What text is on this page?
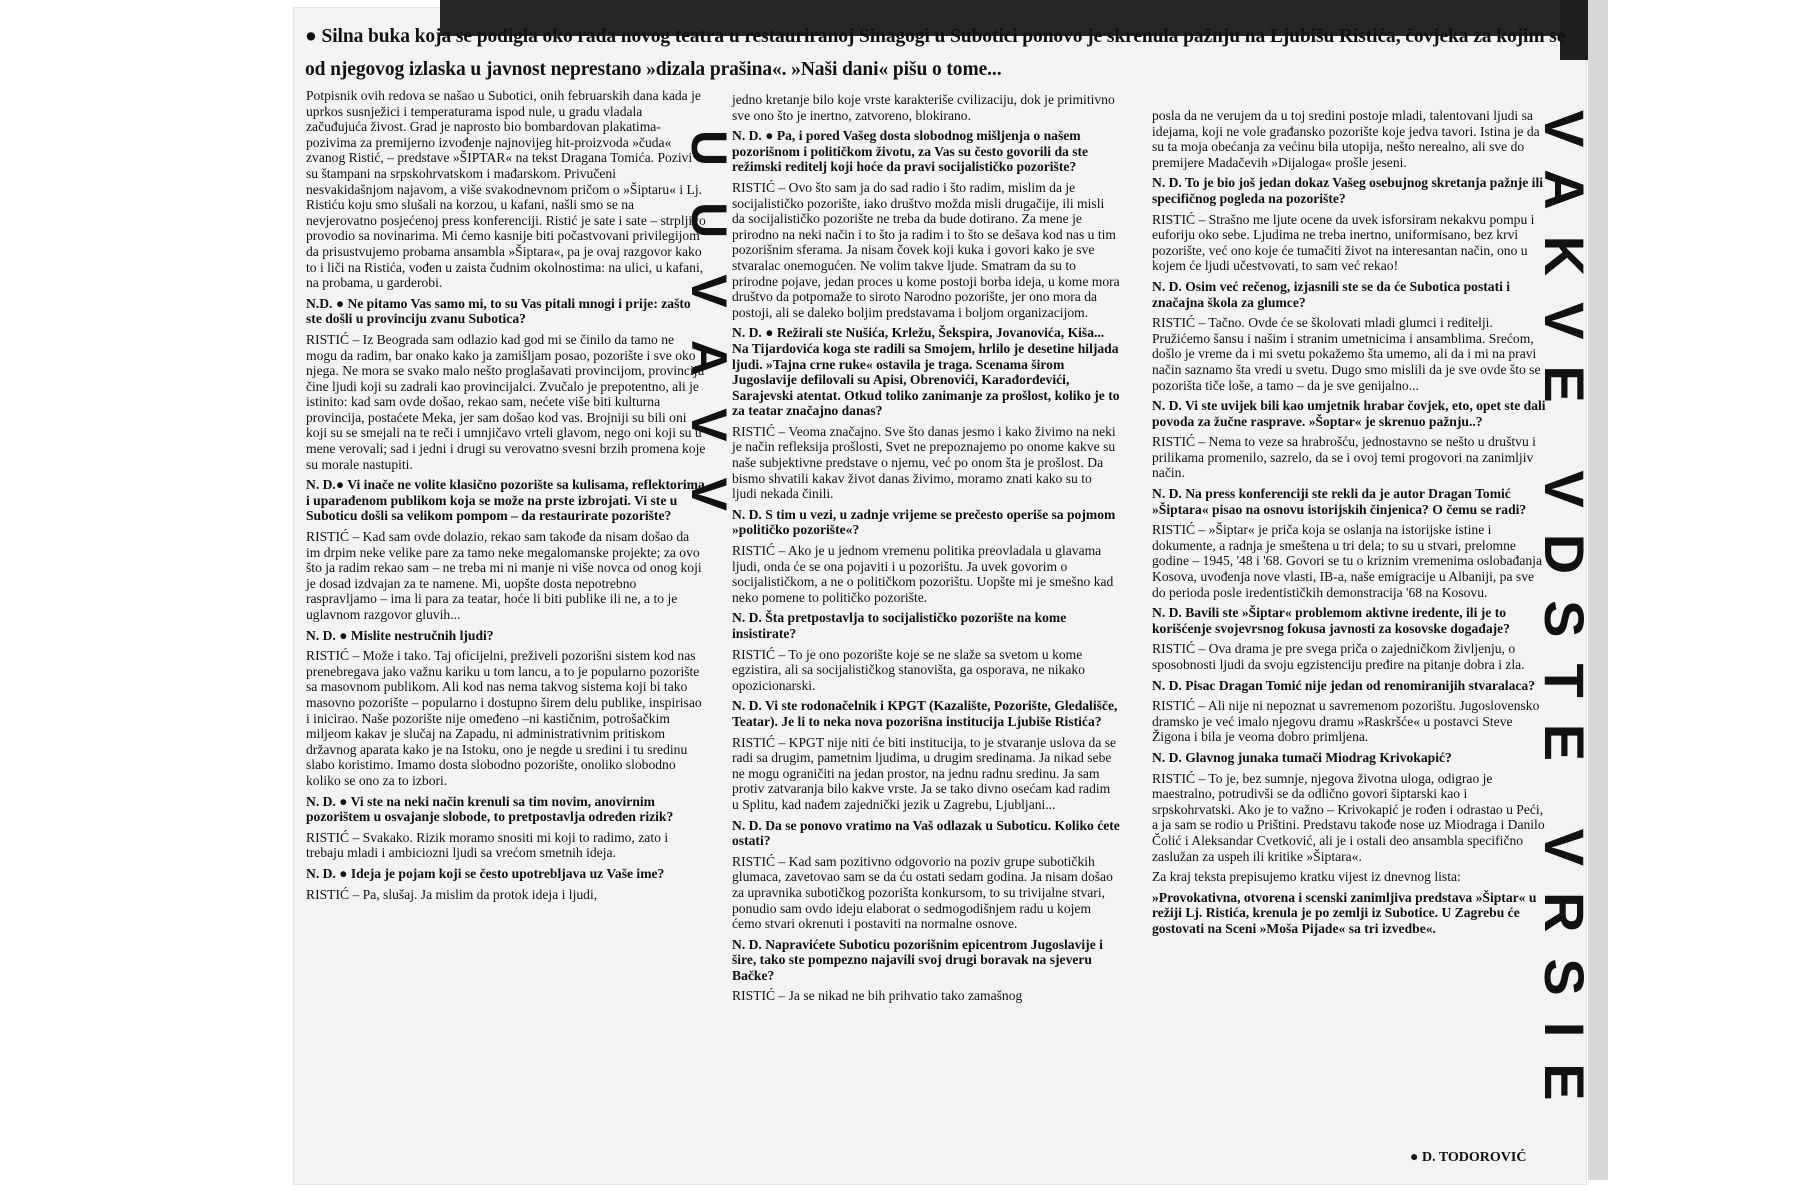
● Silna buka koja se podigla oko rada novog teatra u restauriranoj Sinagogi u Subotici ponovo je skrenula pažnju na Ljubišu Ristića, čovjeka za kojim se
od njegovog izlaska u javnost neprestano »dizala prašina«. »Naši dani« pišu o tome...

Potpisnik ovih redova se našao u Subotici, onih februarskih dana kada je uprkos susnježici i temperaturama ispod nule, u gradu vladala začuđujuća živost. Grad je naprosto bio bombardovan plakatima-pozivima za premijerno izvođenje najnovijeg hit-proizvoda »čuda« zvanog Ristić, – predstave »ŠIPTAR« na tekst Dragana Tomića. Pozivi su štampani na srpskohrvatskom i mađarskom. Privučeni nesvakidašnjom najavom, a više svakodnevnom pričom o »Šiptaru« i Lj. Ristiću koju smo slušali na korzou, u kafani, našli smo se na nevjerovatno posjećenoj press konferenciji. Ristić je sate i sate – strpljivo provodio sa novinarima. Mi ćemo kasnije biti počastvovani privilegijom da prisustvujemo probama ansambla »Šiptara«, pa je ovaj razgovor kako to i liči na Ristića, vođen u zaista čudnim okolnostima: na ulici, u kafani, na probama, u garderobi.

N.D. ● Ne pitamo Vas samo mi, to su Vas pitali mnogi i prije: zašto ste došli u provinciju zvanu Subotica?

RISTIĆ – Iz Beograda sam odlazio kad god mi se činilo da tamo ne mogu da radim, bar onako kako ja zamišljam posao, pozorište i sve oko njega. Ne mora se svako malo nešto proglašavati provincijom, provinciju čine ljudi koji su zadrali kao provincijalci. Zvučalo je prepotentno, ali je istinito: kad sam ovde došao, rekao sam, nećete više biti kulturna provincija, postaćete Meka, jer sam došao kod vas. Brojniji su bili oni koji su se smejali na te reči i umnjičavo vrteli glavom, nego oni koji su u mene verovali; sad i jedni i drugi su verovatno svesni brzih promena koje su morale nastupiti.

N. D.● Vi inače ne volite klasično pozorište sa kulisama, reflektorima i uparađenom publikom koja se može na prste izbrojati. Vi ste u Suboticu došli sa velikom pompom – da restaurirate pozorište?

RISTIĆ – Kad sam ovde dolazio, rekao sam takođe da nisam došao da im drpim neke velike pare za tamo neke megalomanske projekte; za ovo što ja radim rekao sam – ne treba mi ni manje ni više novca od onog koji je dosad izdvajan za te namene. Mi, uopšte dosta nepotrebno raspravljamo – ima li para za teatar, hoće li biti publike ili ne, a to je uglavnom razgovor gluvih...

N. D. ● Mislite nestručnih ljudi?

RISTIĆ – Može i tako. Taj oficijelni, preživeli pozorišni sistem kod nas prenebregava jako važnu kariku u tom lancu, a to je popularno pozorište sa masovnom publikom. Ali kod nas nema takvog sistema koji bi tako masovno pozorište – popularno i dostupno širem delu publike, inspirisao i inicirao. Naše pozorište nije omeđeno –ni kastičnim, potrošačkim miljeom kakav je slučaj na Zapadu, ni administrativnim pritiskom državnog aparata kako je na Istoku, ono je negde u sredini i tu sredinu slabo koristimo. Imamo dosta slobodno pozorište, onoliko slobodno koliko se ono za to izbori.

N. D. ● Vi ste na neki način krenuli sa tim novim, anovirnim pozorištem u osvajanje slobode, to pretpostavlja određen rizik?

RISTIĆ – Svakako. Rizik moramo snositi mi koji to radimo, zato i trebaju mladi i ambiciozni ljudi sa vrećom smetnih ideja.

N. D. ● Ideja je pojam koji se često upotrebljava uz Vaše ime?

RISTIĆ – Pa, slušaj. Ja mislim da protok ideja i ljudi,

jedno kretanje bilo koje vrste karakteriše cvilizaciju, dok je primitivno sve ono što je inertno, zatvoreno, blokirano.

N. D. ● Pa, i pored Vašeg dosta slobodnog mišljenja o našem pozorišnom i političkom životu, za Vas su često govorili da ste režimski reditelj koji hoće da pravi socijalističko pozorište?

RISTIĆ – Ovo što sam ja do sad radio i što radim, mislim da je socijalističko pozorište, iako društvo možda misli drugačije, ili misli da socijalističko pozorište ne treba da bude dotirano. Za mene je prirodno na neki način i to što ja radim i to što se dešava kod nas u tim pozorišnim sferama. Ja nisam čovek koji kuka i govori kako je sve stvaralac onemogućen. Ne volim takve ljude. Smatram da su to prirodne pojave, jedan proces u kome postoji borba ideja, u kome mora društvo da potpomaže to siroto Narodno pozorište, jer ono mora da postoji, ali se daleko boljim predstavama i boljom organizacijom.

N. D. ● Režirali ste Nušića, Krležu, Šekspira, Jovanovića, Kiša... Na Tijardovića koga ste radili sa Smojem, hrlilo je desetine hiljada ljudi. »Tajna crne ruke« ostavila je traga. Scenama širom Jugoslavije defilovali su Apisi, Obrenovići, Karađorđevići, Sarajevski atentat. Otkud toliko zanimanje za prošlost, koliko je to za teatar značajno danas?

RISTIĆ – Veoma značajno. Sve što danas jesmo i kako živimo na neki je način refleksija prošlosti, Svet ne prepoznajemo po onome kakve su naše subjektivne predstave o njemu, već po onom šta je prošlost. Da bismo shvatili kakav život danas živimo, moramo znati kako su to ljudi nekada činili.

N. D. S tim u vezi, u zadnje vrijeme se prečesto operiše sa pojmom »političko pozorište«?

RISTIĆ – Ako je u jednom vremenu politika preovladala u glavama ljudi, onda će se ona pojaviti i u pozorištu. Ja uvek govorim o socijalističkom, a ne o političkom pozorištu. Uopšte mi je smešno kad neko pomene to političko pozorište.

N. D. Šta pretpostavlja to socijalističko pozorište na kome insistirate?

RISTIĆ – To je ono pozorište koje se ne slaže sa svetom u kome egzistira, ali sa socijalističkog stanovišta, ga osporava, ne nikako opozicionarski.

N. D. Vi ste rodonačelnik i KPGT (Kazalište, Pozorište, Gledališče, Teatar). Je li to neka nova pozorišna institucija Ljubiše Ristića?

RISTIĆ – KPGT nije niti će biti institucija, to je stvaranje uslova da se radi sa drugim, pametnim ljudima, u drugim sredinama. Ja nikad sebe ne mogu ograničiti na jedan prostor, na jednu radnu sredinu. Ja sam protiv zatvaranja bilo kakve vrste. Ja se tako divno osećam kad radim u Splitu, kad nađem zajednički jezik u Zagrebu, Ljubljani...

N. D. Da se ponovo vratimo na Vaš odlazak u Suboticu. Koliko ćete ostati?

RISTIĆ – Kad sam pozitivno odgovorio na poziv grupe subotičkih glumaca, zavetovao sam se da ću ostati sedam godina. Ja nisam došao za upravnika subotičkog pozorišta konkursom, to su trivijalne stvari, ponudio sam ovdo ideju elaborat o sedmogodišnjem radu u kojem ćemo stvari okrenuti i postaviti na normalne osnove.

N. D. Napravićete Suboticu pozorišnim epicentrom Jugoslavije i šire, tako ste pompezno najavili svoj drugi boravak na sjeveru Bačke?

RISTIĆ – Ja se nikad ne bih prihvatio tako zamašnog

posla da ne verujem da u toj sredini postoje mladi, talentovani ljudi sa idejama, koji ne vole građansko pozorište koje jedva tavori. Istina je da su ta moja obećanja za većinu bila utopija, nešto nerealno, ali sve do premijere Madačevih »Dijaloga« prošle jeseni.

N. D. To je bio još jedan dokaz Vašeg osebujnog skretanja pažnje ili specifičnog pogleda na pozorište?

RISTIĆ – Strašno me ljute ocene da uvek isforsiram nekakvu pompu i euforiju oko sebe. Ljudima ne treba inertno, uniformisano, bez krvi pozorište, već ono koje će tumačiti život na interesantan način, ono u kojem će ljudi učestvovati, to sam već rekao!

N. D. Osim već rečenog, izjasnili ste se da će Subotica postati i značajna škola za glumce?

RISTIĆ – Tačno. Ovde će se školovati mladi glumci i reditelji. Pružićemo šansu i našim i stranim umetnicima i ansamblima. Srećom, došlo je vreme da i mi svetu pokažemo šta umemo, ali da i mi na pravi način saznamo šta vredi u svetu. Dugo smo mislili da je sve ovde što se pozorišta tiče loše, a tamo – da je sve genijalno...

N. D. Vi ste uvijek bili kao umjetnik hrabar čovjek, eto, opet ste dali povoda za žučne rasprave. »Šoptar« je skrenuo pažnju..?

RISTIĆ – Nema to veze sa hrabrošću, jednostavno se nešto u društvu i prilikama promenilo, sazrelo, da se i ovoj temi progovori na zanimljiv način.

N. D. Na press konferenciji ste rekli da je autor Dragan Tomić »Šiptara« pisao na osnovu istorijskih činjenica? O čemu se radi?

RISTIĆ – »Šiptar« je priča koja se oslanja na istorijske istine i dokumente, a radnja je smeštena u tri dela; to su u stvari, prelomne godine – 1945, '48 i '68. Govori se tu o kriznim vremenima oslobađanja Kosova, uvođenja nove vlasti, IB-a, naše emigracije u Albaniji, pa sve do perioda posle iredentističkih demonstracija '68 na Kosovu.

N. D. Bavili ste »Šiptar« problemom aktivne iredente, ili je to korišćenje svojevrsnog fokusa javnosti za kosovske događaje?

RISTIĆ – Ova drama je pre svega priča o zajedničkom življenju, o sposobnosti ljudi da svoju egzistenciju pređire na pitanje dobra i zla.

N. D. Pisac Dragan Tomić nije jedan od renomiranijih stvaralaca?

RISTIĆ – Ali nije ni nepoznat u savremenom pozorištu. Jugoslovensko dramsko je već imalo njegovu dramu »Raskršće« u postavci Steve Žigona i bila je veoma dobro primljena.

N. D. Glavnog junaka tumači Miodrag Krivokapić?

RISTIĆ – To je, bez sumnje, njegova životna uloga, odigrao je maestralno, potrudivši se da odlično govori šiptarski kao i srpskohrvatski. Ako je to važno – Krivokapić je rođen i odrastao u Peći, a ja sam se rodio u Prištini. Predstavu takođe nose uz Miodraga i Danilo Čolić i Aleksandar Cvetković, ali je i ostali deo ansambla specifično zaslužan za uspeh ili kritike »Šiptara«.

Za kraj teksta prepisujemo kratku vijest iz dnevnog lista:

»Provokativna, otvorena i scenski zanimljiva predstava »Šiptar« u režiji Lj. Ristića, krenula je po zemlji iz Subotice. U Zagrebu će gostovati na Sceni »Moša Pijade« sa tri izvedbe«.	VAKVE VDSTE VRSIE
UUVAVV
● D. TODOROVIĆ
